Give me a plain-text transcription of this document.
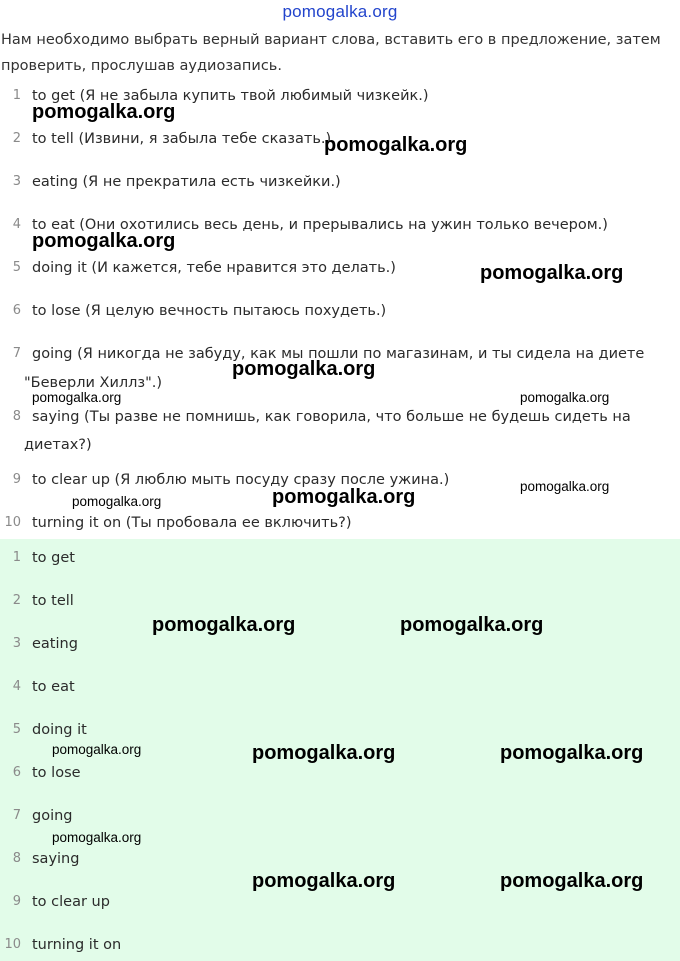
pomogalka.org
Нам необходимо выбрать верный вариант слова, вставить его в предложение, затем проверить, прослушав аудиозапись.
1 to get (Я не забыла купить твой любимый чизкейк.)
2 to tell (Извини, я забыла тебе сказать.)
3 eating (Я не прекратила есть чизкейки.)
4 to eat (Они охотились весь день, и прерывались на ужин только вечером.)
5 doing it (И кажется, тебе нравится это делать.)
6 to lose (Я целую вечность пытаюсь похудеть.)
7 going (Я никогда не забуду, как мы пошли по магазинам, и ты сидела на диете
"Беверли Хиллз".)
8 saying (Ты разве не помнишь, как говорила, что больше не будешь сидеть на
диетах?)
9 to clear up (Я люблю мыть посуду сразу после ужина.)
10 turning it on (Ты пробовала ее включить?)
1 to get
2 to tell
3 eating
4 to eat
5 doing it
6 to lose
7 going
8 saying
9 to clear up
10 turning it on
pomogalka.org
pomogalka.org
pomogalka.org
pomogalka.org
pomogalka.org
pomogalka.org	pomogalka.org
pomogalka.org	pomogalka.org
pomogalka.org
pomogalka.org	pomogalka.org
pomogalka.org	pomogalka.org	pomogalka.org
pomogalka.org
pomogalka.org	pomogalka.org
